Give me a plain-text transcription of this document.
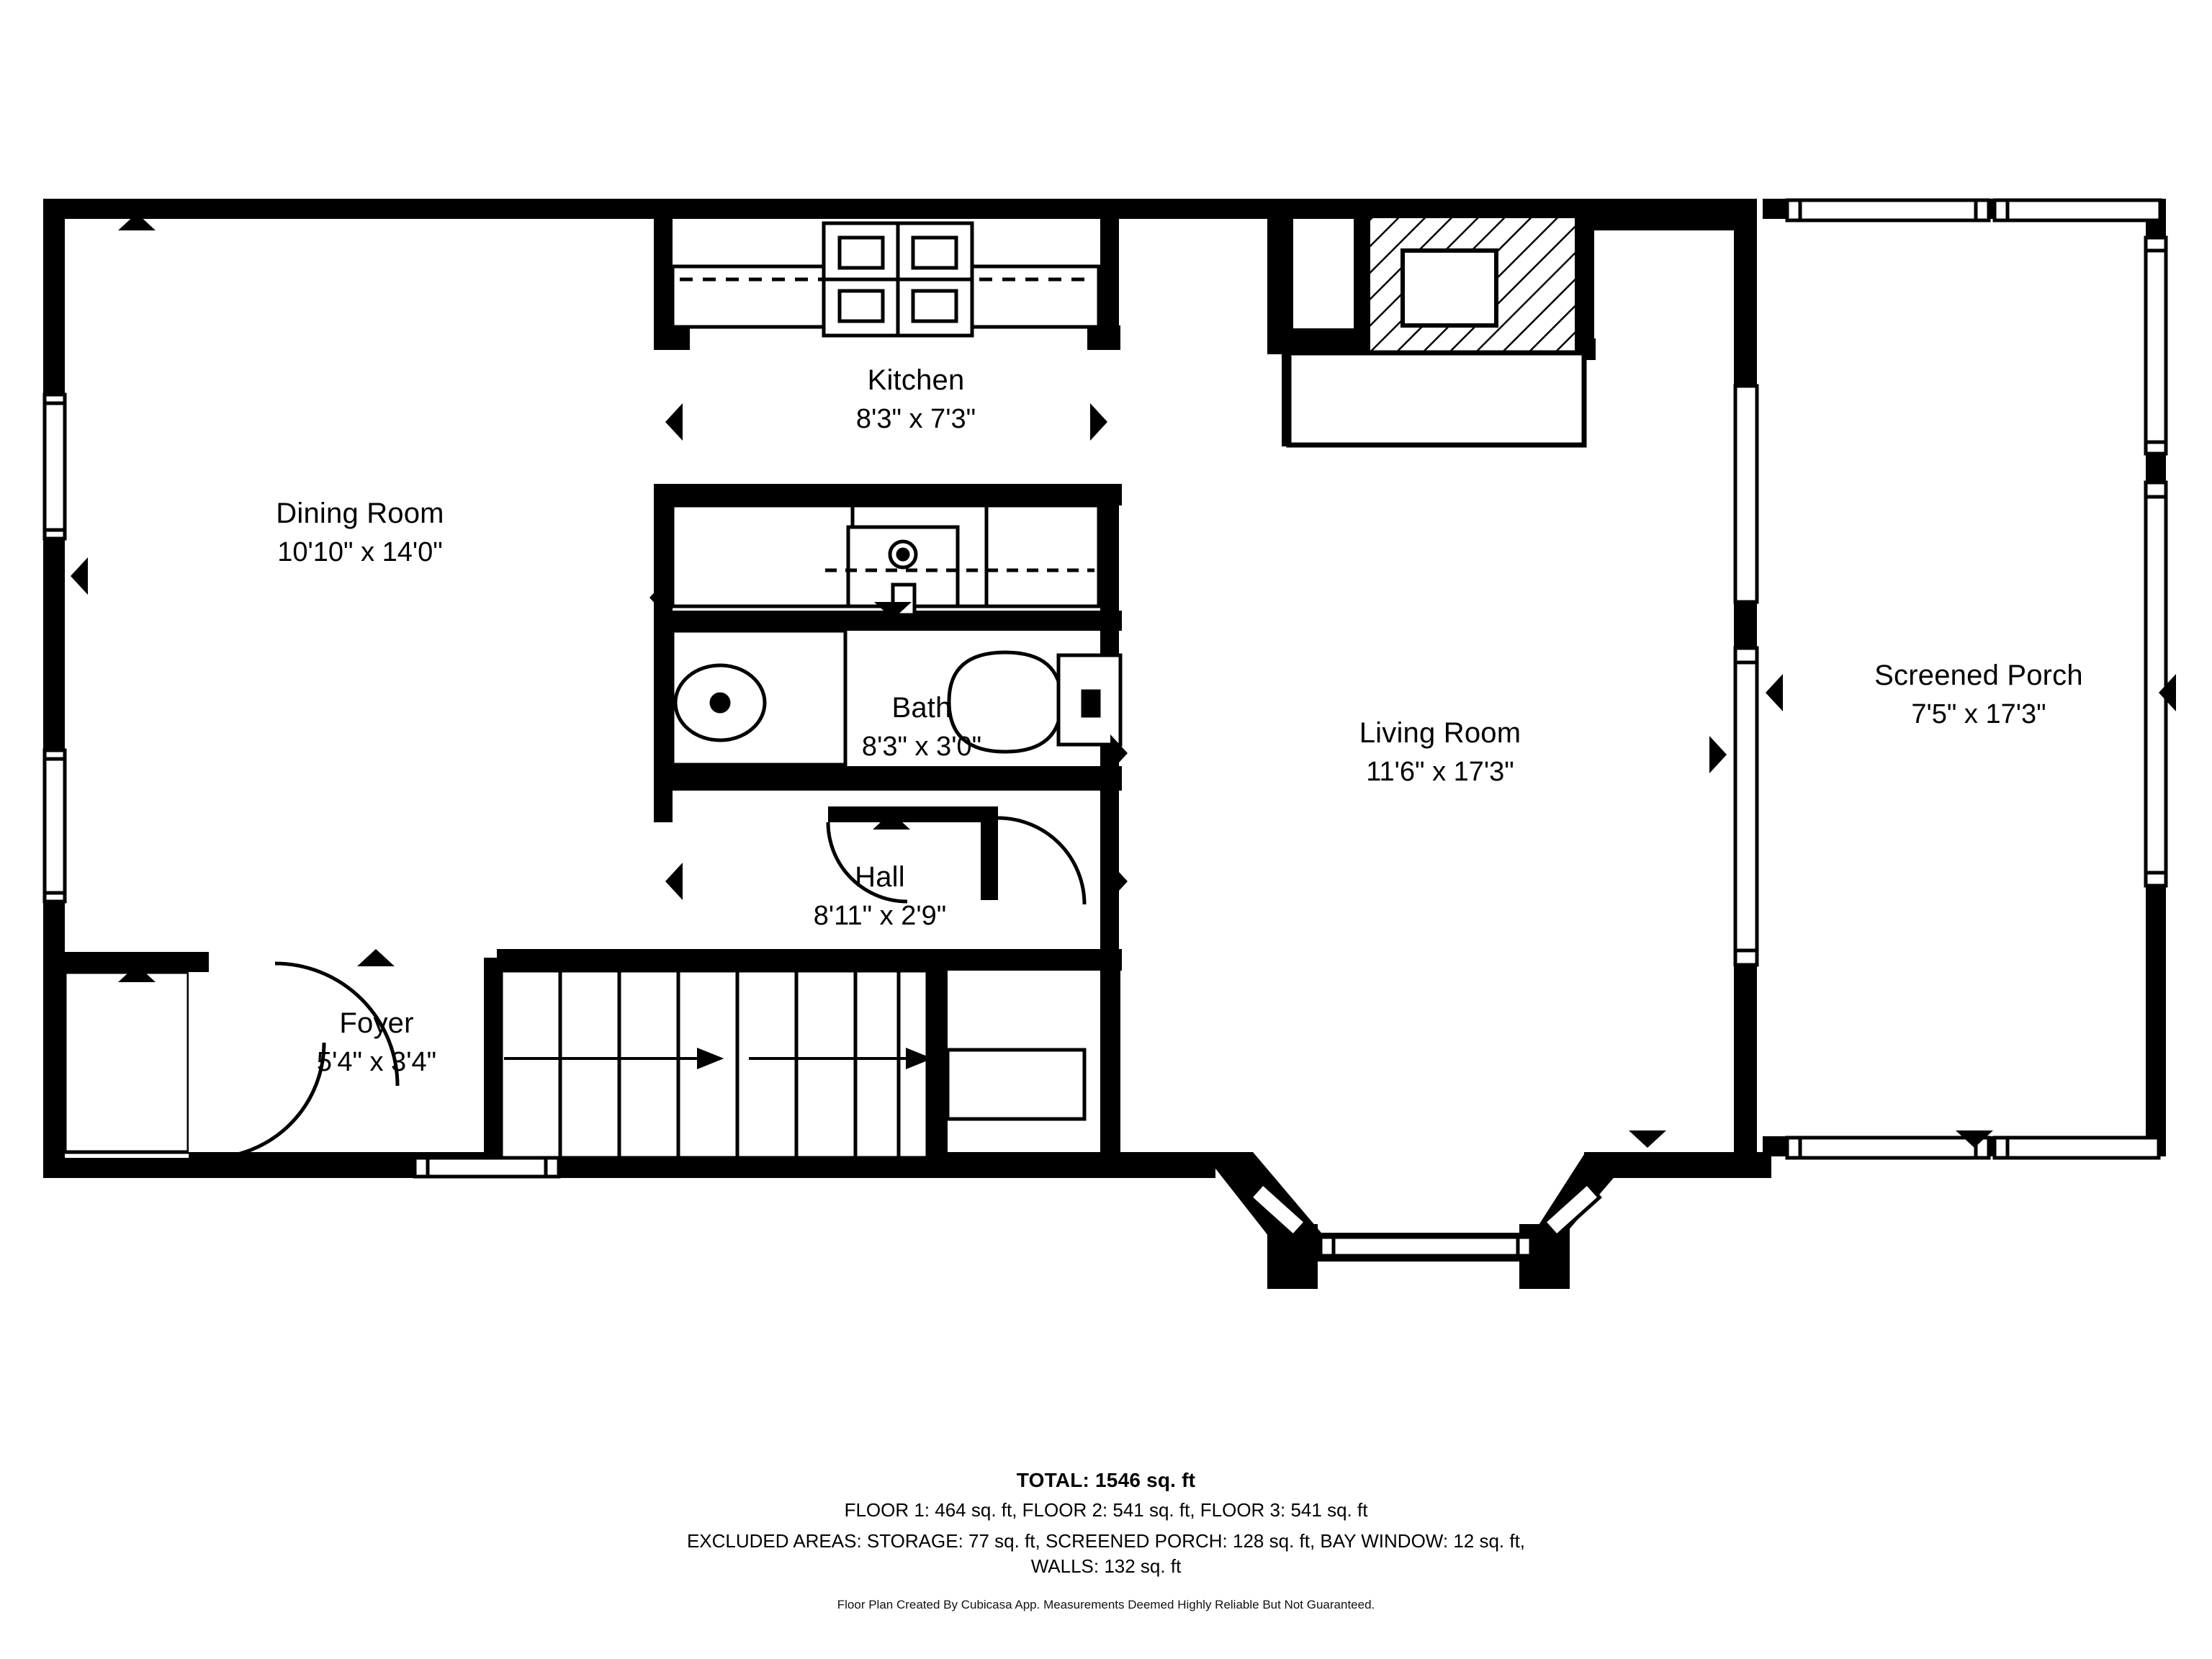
Dining Room
10'10" x 14'0"
Kitchen
8'3" x 7'3"
Bath
8'3" x 3'0"
Hall
8'11" x 2'9"
Foyer
5'4" x 3'4"
Living Room
11'6" x 17'3"
Screened Porch
7'5" x 17'3"
TOTAL: 1546 sq. ft
FLOOR 1: 464 sq. ft, FLOOR 2: 541 sq. ft, FLOOR 3: 541 sq. ft
EXCLUDED AREAS: STORAGE: 77 sq. ft, SCREENED PORCH: 128 sq. ft, BAY WINDOW: 12 sq. ft,
WALLS: 132 sq. ft
Floor Plan Created By Cubicasa App. Measurements Deemed Highly Reliable But Not Guaranteed.
